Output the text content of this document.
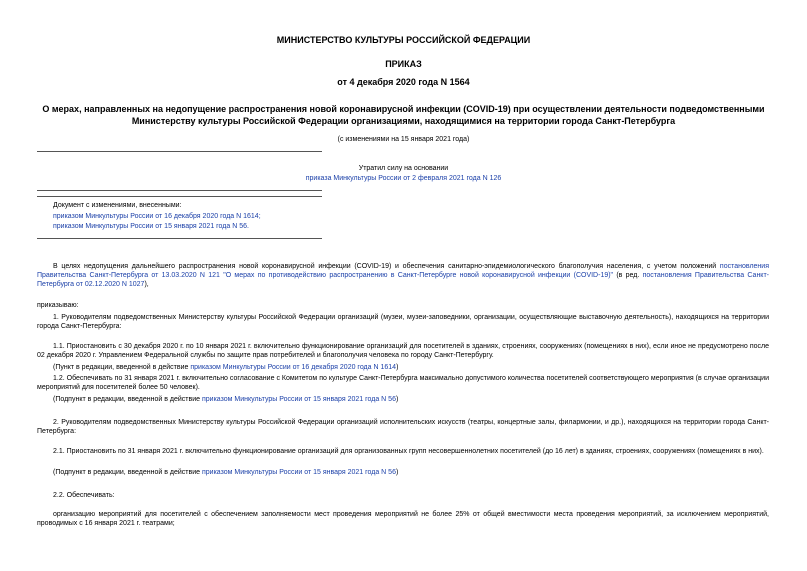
МИНИСТЕРСТВО КУЛЬТУРЫ РОССИЙСКОЙ ФЕДЕРАЦИИ
ПРИКАЗ
от 4 декабря 2020 года N 1564
О мерах, направленных на недопущение распространения новой коронавирусной инфекции (COVID-19) при осуществлении деятельности подведомственными
Министерству культуры Российской Федерации организациями, находящимися на территории города Санкт-Петербурга
(с изменениями на 15 января 2021 года)
Утратил силу на основании
приказа Минкультуры России от 2 февраля 2021 года N 126
Документ с изменениями, внесенными:
приказом Минкультуры России от 16 декабря 2020 года N 1614;
приказом Минкультуры России от 15 января 2021 года N 56.
В целях недопущения дальнейшего распространения новой коронавирусной инфекции (COVID-19) и обеспечения санитарно-эпидемиологического благополучия населения, с учетом положений постановления Правительства Санкт-Петербурга от 13.03.2020 N 121 "О мерах по противодействию распространению в Санкт-Петербурге новой коронавирусной инфекции (COVID-19)" (в ред. постановления Правительства Санкт-Петербурга от 02.12.2020 N 1027),
приказываю:
1. Руководителям подведомственных Министерству культуры Российской Федерации организаций (музеи, музеи-заповедники, организации, осуществляющие выставочную деятельность), находящихся на территории города Санкт-Петербурга:
1.1. Приостановить с 30 декабря 2020 г. по 10 января 2021 г. включительно функционирование организаций для посетителей в зданиях, строениях, сооружениях (помещениях в них), если иное не предусмотрено после 02 декабря 2020 г. Управлением Федеральной службы по защите прав потребителей и благополучия человека по городу Санкт-Петербургу.
(Пункт в редакции, введенной в действие приказом Минкультуры России от 16 декабря 2020 года N 1614)
1.2. Обеспечивать по 31 января 2021 г. включительно согласование с Комитетом по культуре Санкт-Петербурга максимально допустимого количества посетителей соответствующего мероприятия (в случае организации мероприятий для посетителей более 50 человек).
(Подпункт в редакции, введенной в действие приказом Минкультуры России от 15 января 2021 года N 56)
2. Руководителям подведомственных Министерству культуры Российской Федерации организаций исполнительских искусств (театры, концертные залы, филармонии, и др.), находящихся на территории города Санкт-Петербурга:
2.1. Приостановить по 31 января 2021 г. включительно функционирование организаций для организованных групп несовершеннолетних посетителей (до 16 лет) в зданиях, строениях, сооружениях (помещениях в них).
(Подпункт в редакции, введенной в действие приказом Минкультуры России от 15 января 2021 года N 56)
2.2. Обеспечивать:
организацию мероприятий для посетителей с обеспечением заполняемости мест проведения мероприятий не более 25% от общей вместимости места проведения мероприятий, за исключением мероприятий, проводимых с 16 января 2021 г. театрами;
